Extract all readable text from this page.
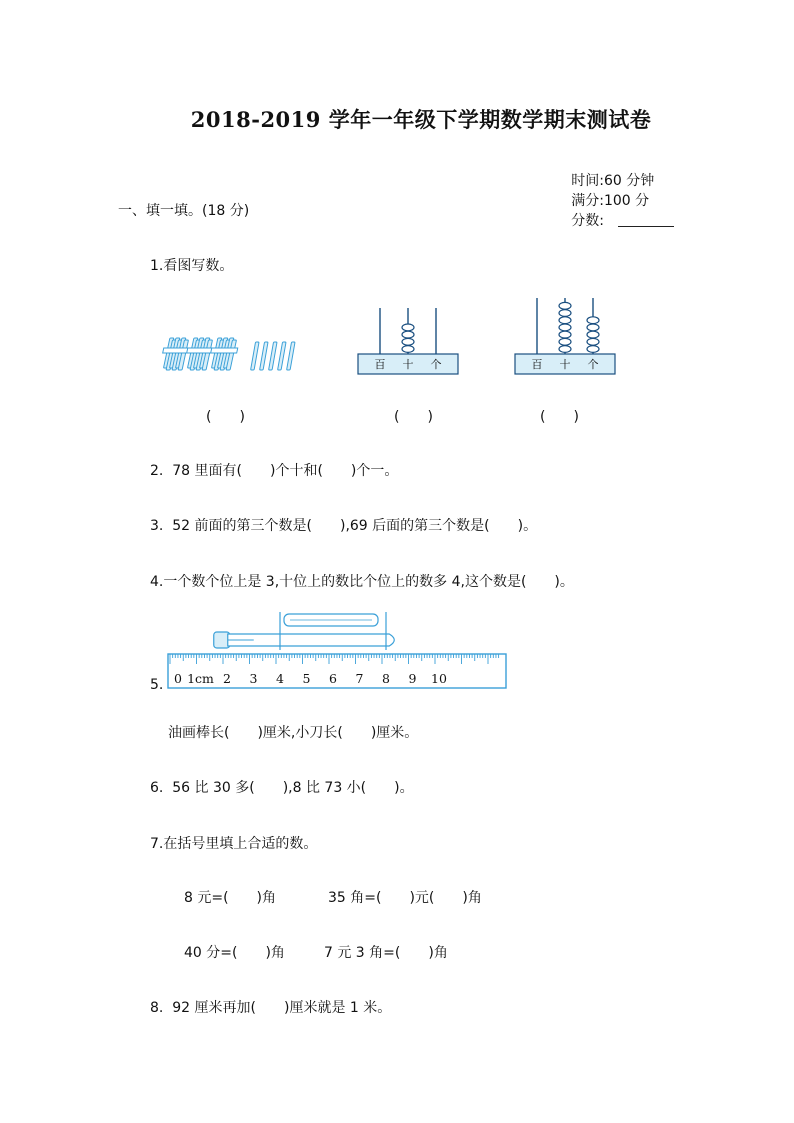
2018-2019 学年一年级下学期数学期末测试卷

时间:60 分钟
满分:100 分
分数:

一、填一填。(18 分)
1.看图写数。
百 十 个	百 十 个
(　　)	(　　)	(　　)
2.  78 里面有(　　)个十和(　　)个一。
3.  52 前面的第三个数是(　　),69 后面的第三个数是(　　)。
4.一个数个位上是 3,十位上的数比个位上的数多 4,这个数是(　　)。
5. 0 1cm 2 3 4 5 6 7 8 9 10
油画棒长(　　)厘米,小刀长(　　)厘米。
6.  56 比 30 多(　　),8 比 73 小(　　)。
7.在括号里填上合适的数。
8 元=(　　)角	35 角=(　　)元(　　)角
40 分=(　　)角	7 元 3 角=(　　)角
8.  92 厘米再加(　　)厘米就是 1 米。
